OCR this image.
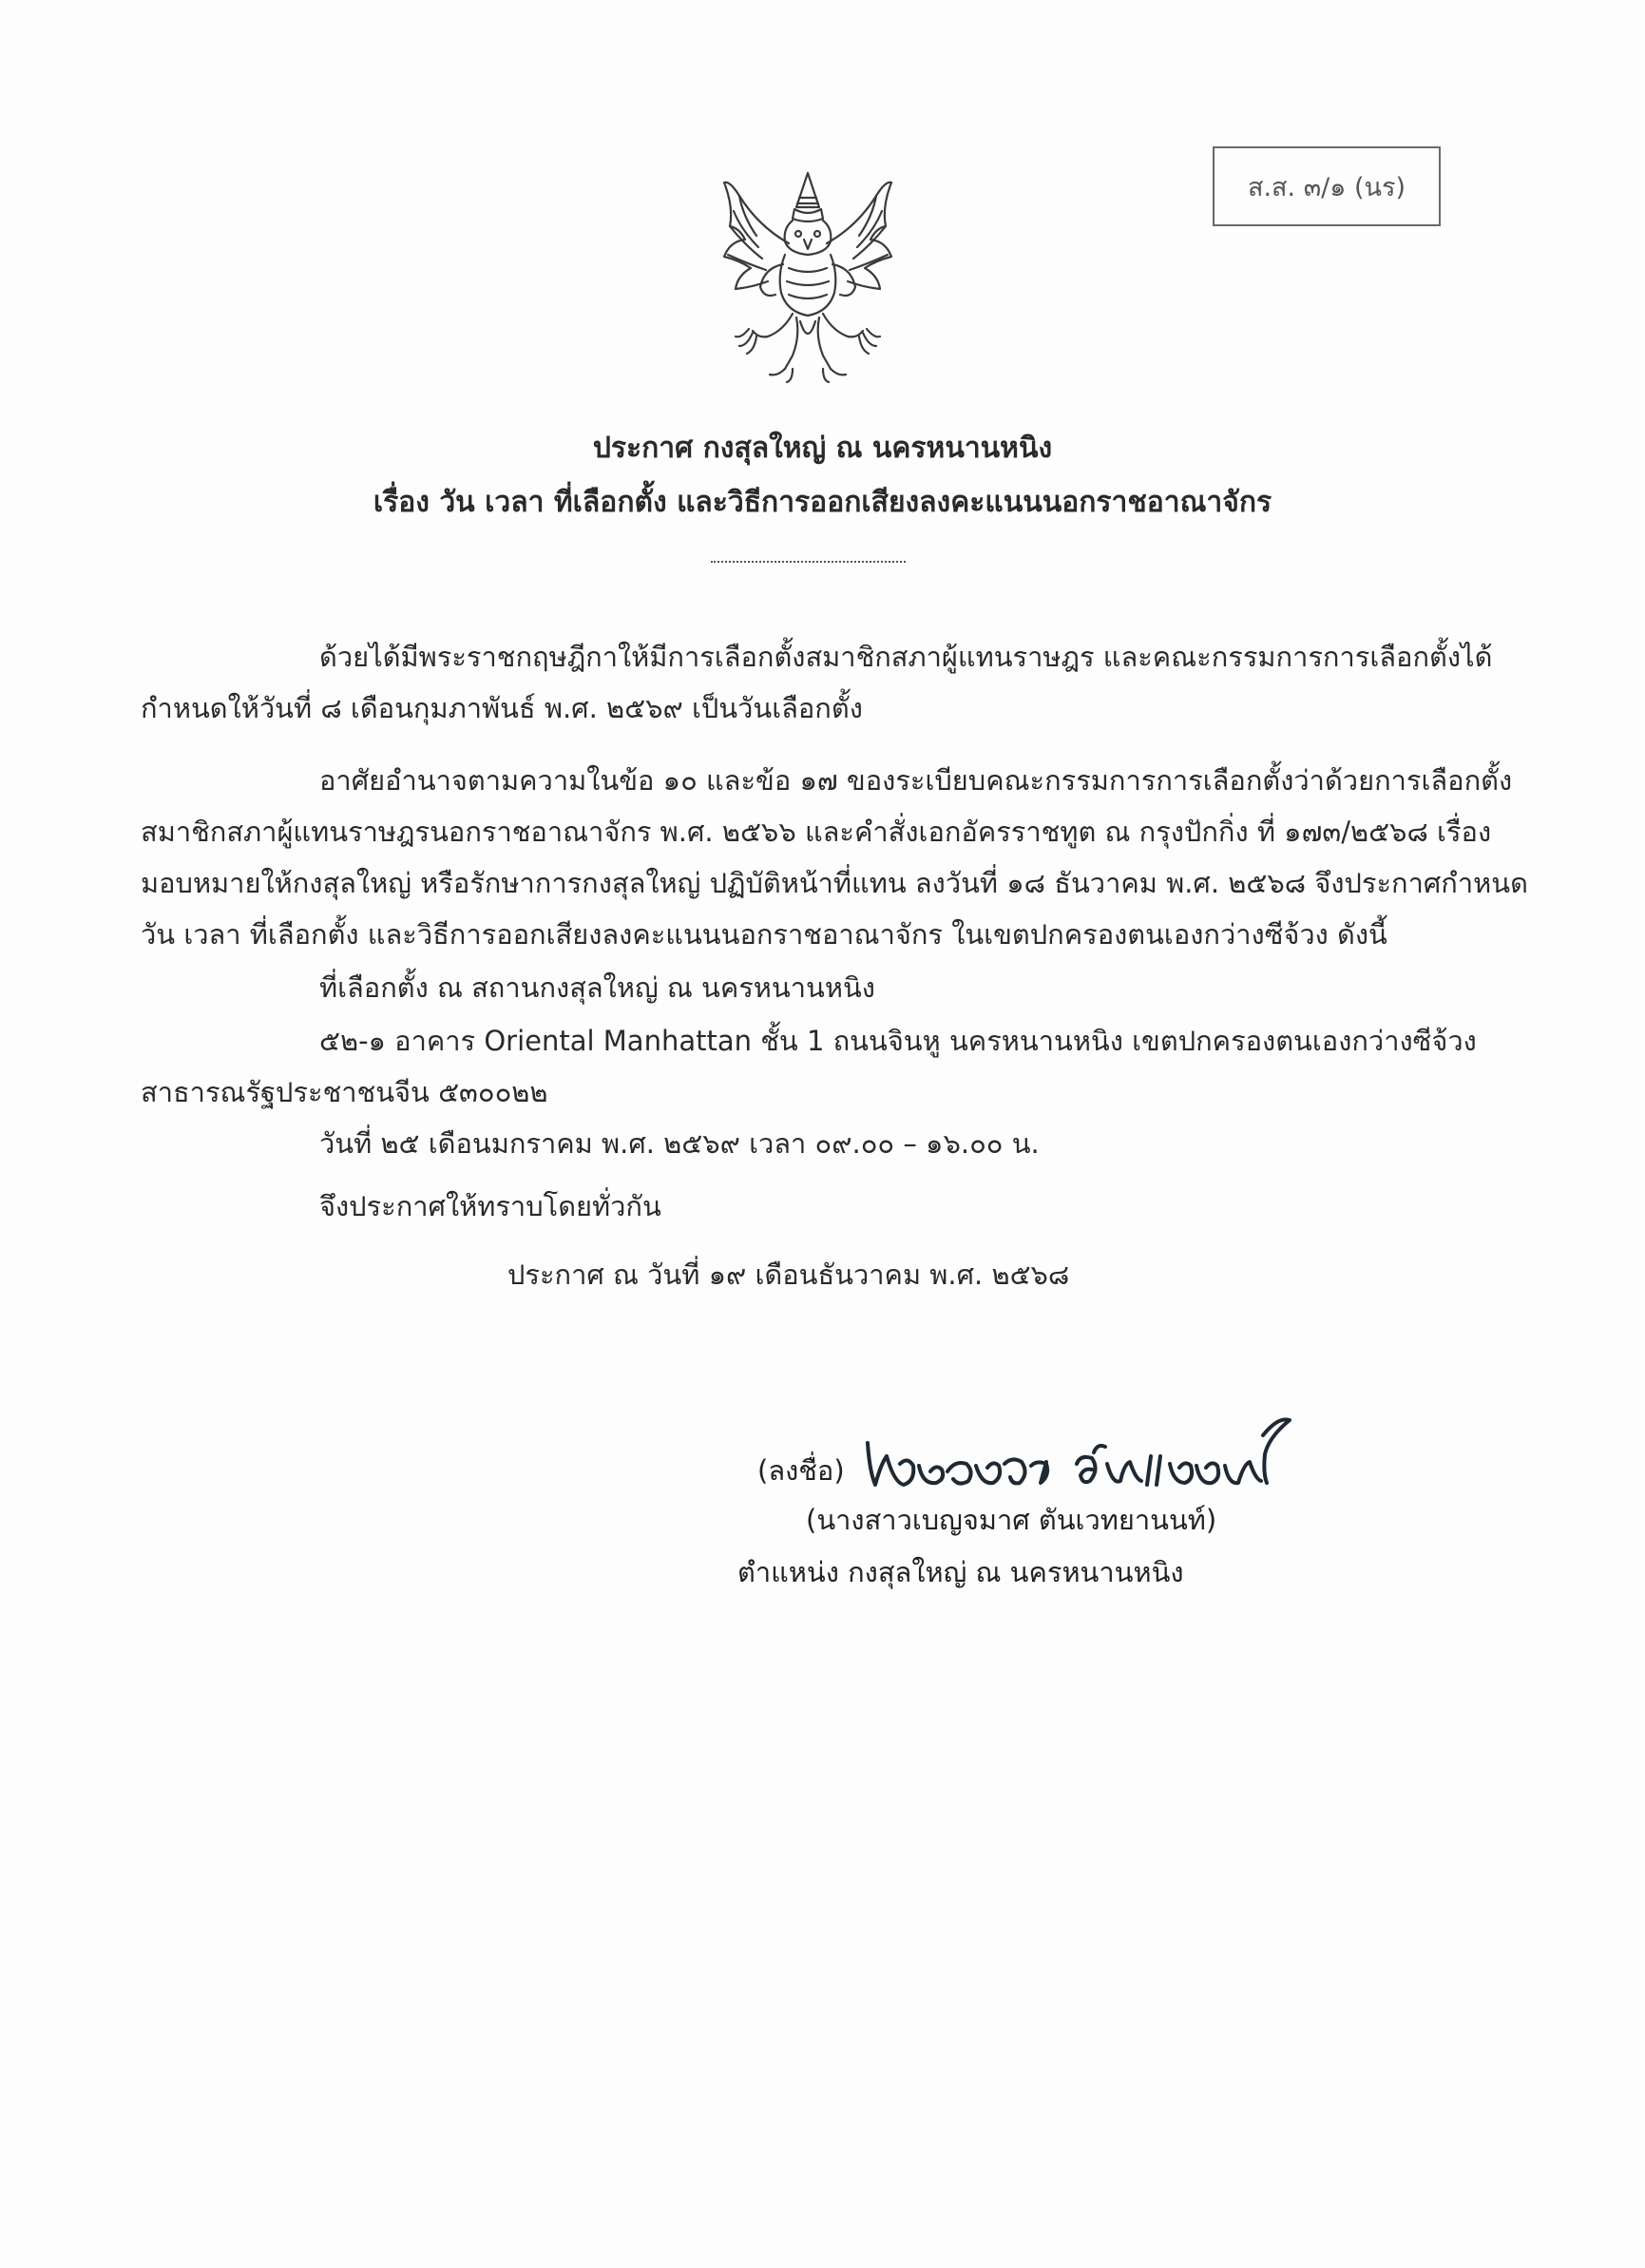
ส.ส. ๓/๑ (นร)
ประกาศ กงสุลใหญ่ ณ นครหนานหนิง
เรื่อง วัน เวลา ที่เลือกตั้ง และวิธีการออกเสียงลงคะแนนนอกราชอาณาจักร
ด้วยได้มีพระราชกฤษฎีกาให้มีการเลือกตั้งสมาชิกสภาผู้แทนราษฎร และคณะกรรมการการเลือกตั้งได้
กำหนดให้วันที่ ๘ เดือนกุมภาพันธ์ พ.ศ. ๒๕๖๙ เป็นวันเลือกตั้ง
อาศัยอำนาจตามความในข้อ ๑๐ และข้อ ๑๗ ของระเบียบคณะกรรมการการเลือกตั้งว่าด้วยการเลือกตั้ง
สมาชิกสภาผู้แทนราษฎรนอกราชอาณาจักร พ.ศ. ๒๕๖๖ และคำสั่งเอกอัครราชทูต ณ กรุงปักกิ่ง ที่ ๑๗๓/๒๕๖๘ เรื่อง
มอบหมายให้กงสุลใหญ่ หรือรักษาการกงสุลใหญ่ ปฏิบัติหน้าที่แทน ลงวันที่ ๑๘ ธันวาคม พ.ศ. ๒๕๖๘ จึงประกาศกำหนด
วัน เวลา ที่เลือกตั้ง และวิธีการออกเสียงลงคะแนนนอกราชอาณาจักร ในเขตปกครองตนเองกว่างซีจ้วง ดังนี้
ที่เลือกตั้ง ณ สถานกงสุลใหญ่ ณ นครหนานหนิง
๕๒-๑ อาคาร Oriental Manhattan ชั้น 1 ถนนจินหู นครหนานหนิง เขตปกครองตนเองกว่างซีจ้วง
สาธารณรัฐประชาชนจีน ๕๓๐๐๒๒
วันที่ ๒๕ เดือนมกราคม พ.ศ. ๒๕๖๙ เวลา ๐๙.๐๐ – ๑๖.๐๐ น.
จึงประกาศให้ทราบโดยทั่วกัน
ประกาศ ณ วันที่ ๑๙ เดือนธันวาคม พ.ศ. ๒๕๖๘
(ลงชื่อ)
(นางสาวเบญจมาศ ตันเวทยานนท์)
ตำแหน่ง กงสุลใหญ่ ณ นครหนานหนิง
